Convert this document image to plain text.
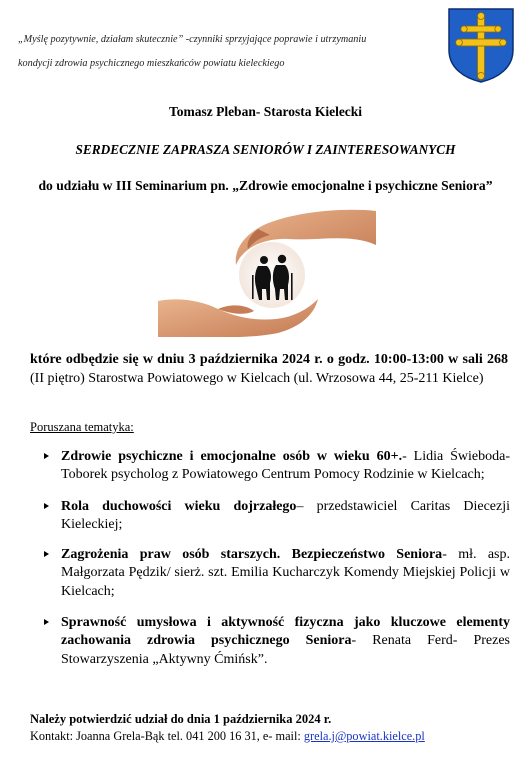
„Myślę pozytywnie, działam skutecznie” -czynniki sprzyjające poprawie i utrzymaniu
kondycji zdrowia psychicznego mieszkańców powiatu kieleckiego
Tomasz Pleban- Starosta Kielecki
SERDECZNIE ZAPRASZA SENIORÓW I ZAINTERESOWANYCH
do udziału w III Seminarium pn. „Zdrowie emocjonalne i psychiczne Seniora”
które odbędzie się w dniu 3 października 2024 r. o godz. 10:00-13:00 w sali 268 (II piętro) Starostwa Powiatowego w Kielcach (ul. Wrzosowa 44, 25-211 Kielce)
Poruszana tematyka:
Zdrowie psychiczne i emocjonalne osób w wieku 60+.- Lidia Świeboda-Toborek psycholog z Powiatowego Centrum Pomocy Rodzinie w Kielcach;
Rola duchowości wieku dojrzałego– przedstawiciel Caritas Diecezji Kieleckiej;
Zagrożenia praw osób starszych. Bezpieczeństwo Seniora- mł. asp. Małgorzata Pędzik/ sierż. szt. Emilia Kucharczyk Komendy Miejskiej Policji w Kielcach;
Sprawność umysłowa i aktywność fizyczna jako kluczowe elementy zachowania zdrowia psychicznego Seniora- Renata Ferd- Prezes Stowarzyszenia „Aktywny Ćmińsk”.
Należy potwierdzić udział do dnia 1 października 2024 r.
Kontakt: Joanna Grela-Bąk tel. 041 200 16 31, e- mail: grela.j@powiat.kielce.pl
